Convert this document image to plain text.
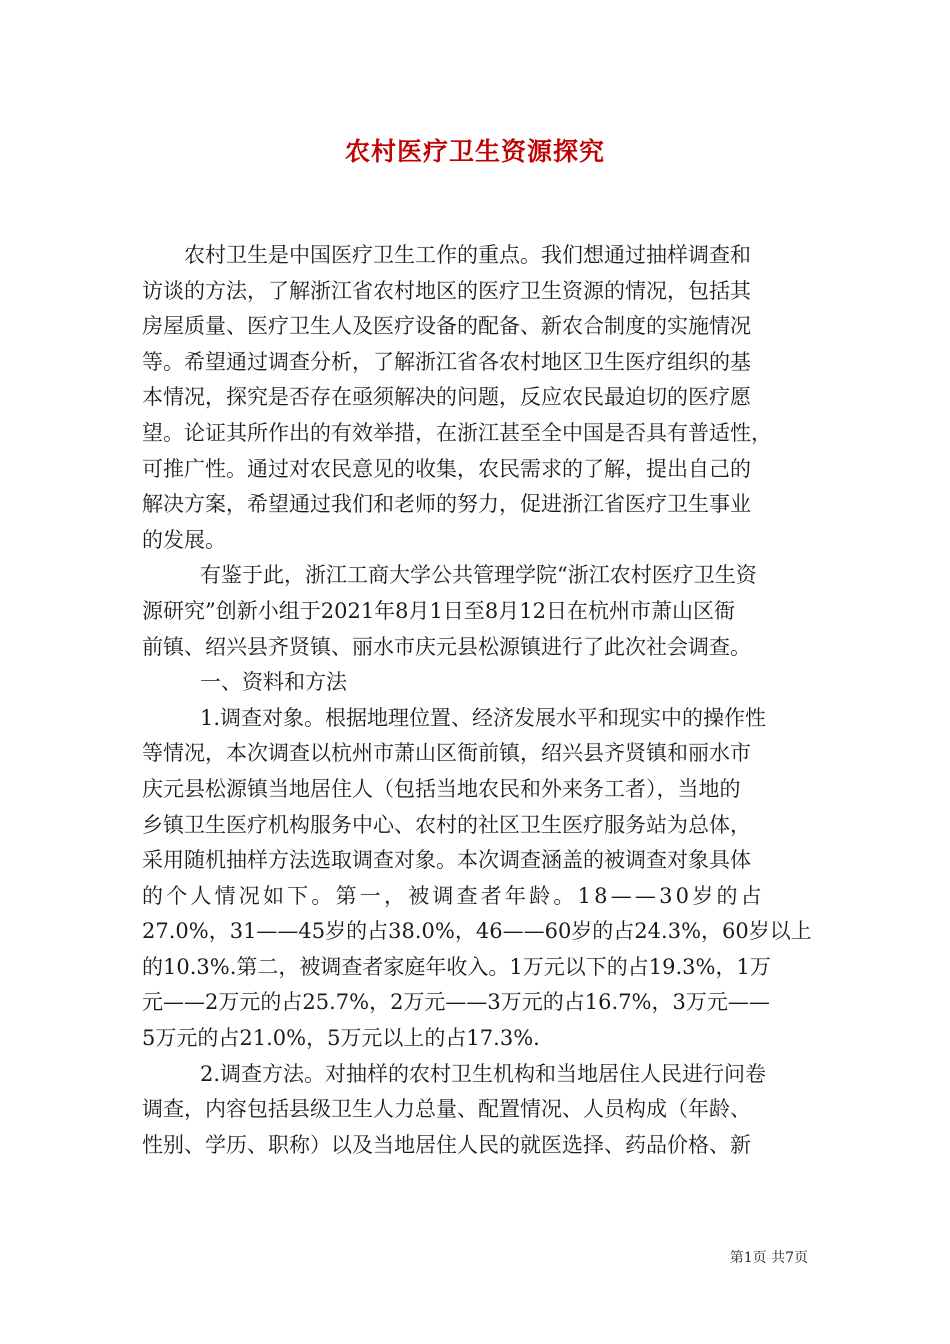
农村医疗卫生资源探究
农村卫生是中国医疗卫生工作的重点。我们想通过抽样调查和
访谈的方法，了解浙江省农村地区的医疗卫生资源的情况，包括其
房屋质量、医疗卫生人及医疗设备的配备、新农合制度的实施情况
等。希望通过调查分析，了解浙江省各农村地区卫生医疗组织的基
本情况，探究是否存在亟须解决的问题，反应农民最迫切的医疗愿
望。论证其所作出的有效举措，在浙江甚至全中国是否具有普适性，
可推广性。通过对农民意见的收集，农民需求的了解，提出自己的
解决方案，希望通过我们和老师的努力，促进浙江省医疗卫生事业
的发展。
有鉴于此，浙江工商大学公共管理学院“浙江农村医疗卫生资
源研究”创新小组于2021年8月1日至8月12日在杭州市萧山区衙
前镇、绍兴县齐贤镇、丽水市庆元县松源镇进行了此次社会调查。
一、资料和方法
1.调查对象。根据地理位置、经济发展水平和现实中的操作性
等情况，本次调查以杭州市萧山区衙前镇，绍兴县齐贤镇和丽水市
庆元县松源镇当地居住人（包括当地农民和外来务工者），当地的
乡镇卫生医疗机构服务中心、农村的社区卫生医疗服务站为总体，
采用随机抽样方法选取调查对象。本次调查涵盖的被调查对象具体
的个人情况如下。第一，被调查者年龄。18——30岁的占
27.0%，31——45岁的占38.0%，46——60岁的占24.3%，60岁以上
的10.3%.第二，被调查者家庭年收入。1万元以下的占19.3%，1万
元——2万元的占25.7%，2万元——3万元的占16.7%，3万元——
5万元的占21.0%，5万元以上的占17.3%.
2.调查方法。对抽样的农村卫生机构和当地居住人民进行问卷
调查，内容包括县级卫生人力总量、配置情况、人员构成（年龄、
性别、学历、职称）以及当地居住人民的就医选择、药品价格、新
第1页 共7页
